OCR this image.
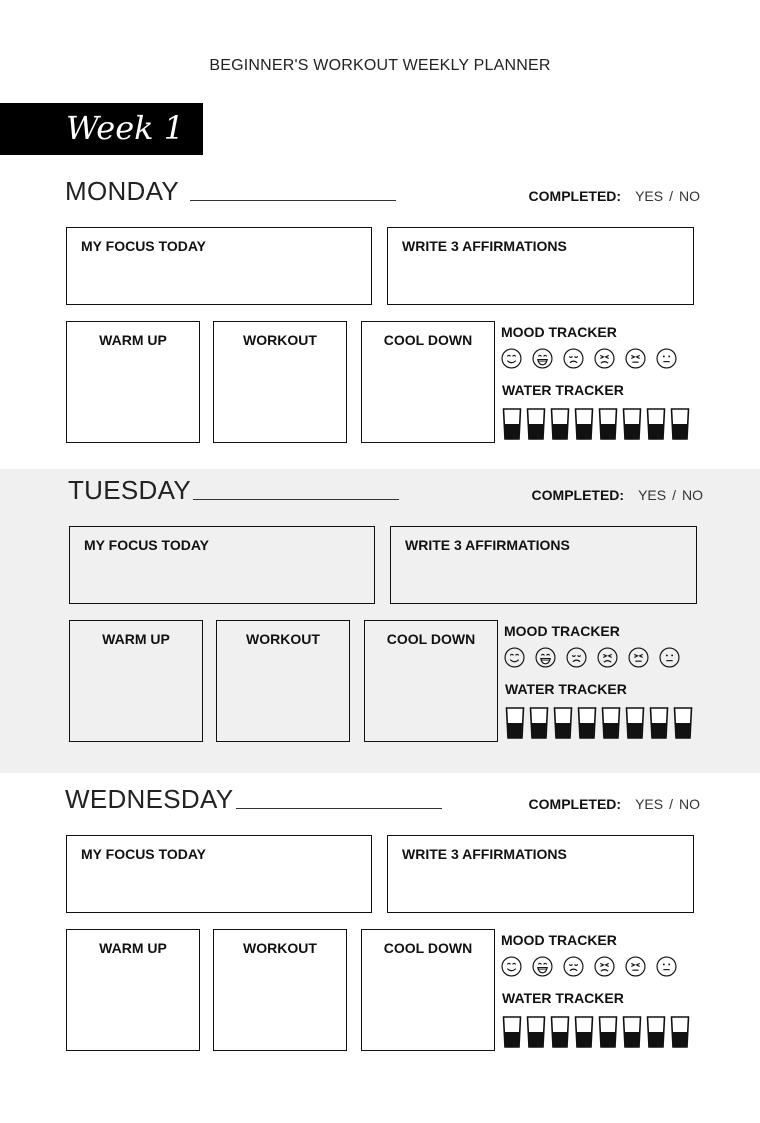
BEGINNER'S WORKOUT WEEKLY PLANNER
Week 1
MONDAY	COMPLETED: YES / NO
MY FOCUS TODAY	WRITE 3 AFFIRMATIONS
WARM UP	WORKOUT	COOL DOWN	MOOD TRACKER
WATER TRACKER
TUESDAY	COMPLETED: YES / NO
MY FOCUS TODAY	WRITE 3 AFFIRMATIONS
WARM UP	WORKOUT	COOL DOWN	MOOD TRACKER
WATER TRACKER
WEDNESDAY	COMPLETED: YES / NO
MY FOCUS TODAY	WRITE 3 AFFIRMATIONS
WARM UP	WORKOUT	COOL DOWN	MOOD TRACKER
WATER TRACKER
